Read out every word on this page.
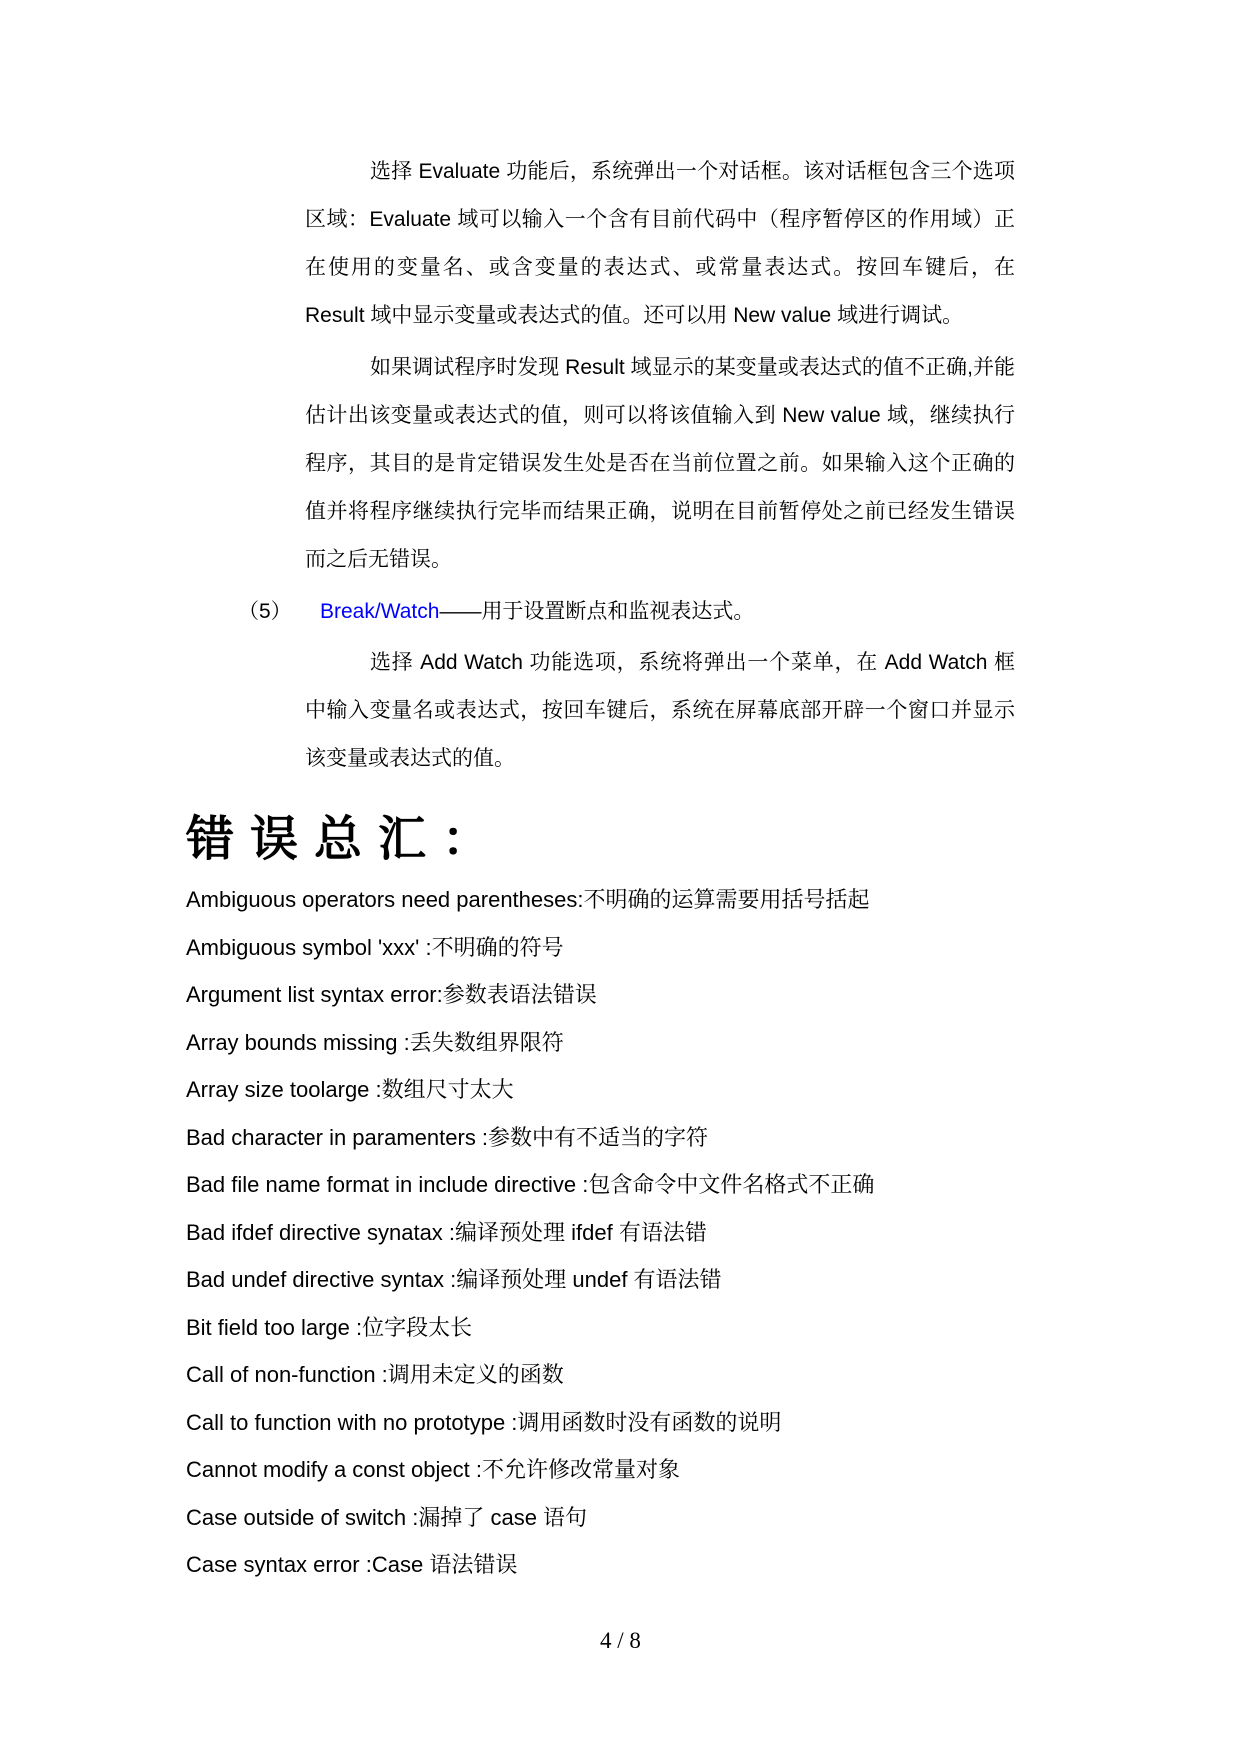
选择 Evaluate 功能后，系统弹出一个对话框。该对话框包含三个选项区域：Evaluate 域可以输入一个含有目前代码中（程序暂停区的作用域）正在使用的变量名、或含变量的表达式、或常量表达式。按回车键后，在 Result 域中显示变量或表达式的值。还可以用 New value 域进行调试。

如果调试程序时发现 Result 域显示的某变量或表达式的值不正确,并能估计出该变量或表达式的值，则可以将该值输入到 New value 域，继续执行程序，其目的是肯定错误发生处是否在当前位置之前。如果输入这个正确的值并将程序继续执行完毕而结果正确，说明在目前暂停处之前已经发生错误而之后无错误。

（5） Break/Watch——用于设置断点和监视表达式。

选择 Add Watch 功能选项，系统将弹出一个菜单，在 Add Watch 框中输入变量名或表达式，按回车键后，系统在屏幕底部开辟一个窗口并显示 该变量或表达式的值。

错误总汇：
Ambiguous operators need parentheses:不明确的运算需要用括号括起
Ambiguous symbol 'xxx' :不明确的符号
Argument list syntax error:参数表语法错误
Array bounds missing :丢失数组界限符
Array size toolarge :数组尺寸太大
Bad character in paramenters :参数中有不适当的字符
Bad file name format in include directive :包含命令中文件名格式不正确
Bad ifdef directive synatax :编译预处理 ifdef 有语法错
Bad undef directive syntax :编译预处理 undef 有语法错
Bit field too large :位字段太长
Call of non-function :调用未定义的函数
Call to function with no prototype :调用函数时没有函数的说明
Cannot modify a const object :不允许修改常量对象
Case outside of switch :漏掉了 case 语句
Case syntax error :Case 语法错误
4 / 8
